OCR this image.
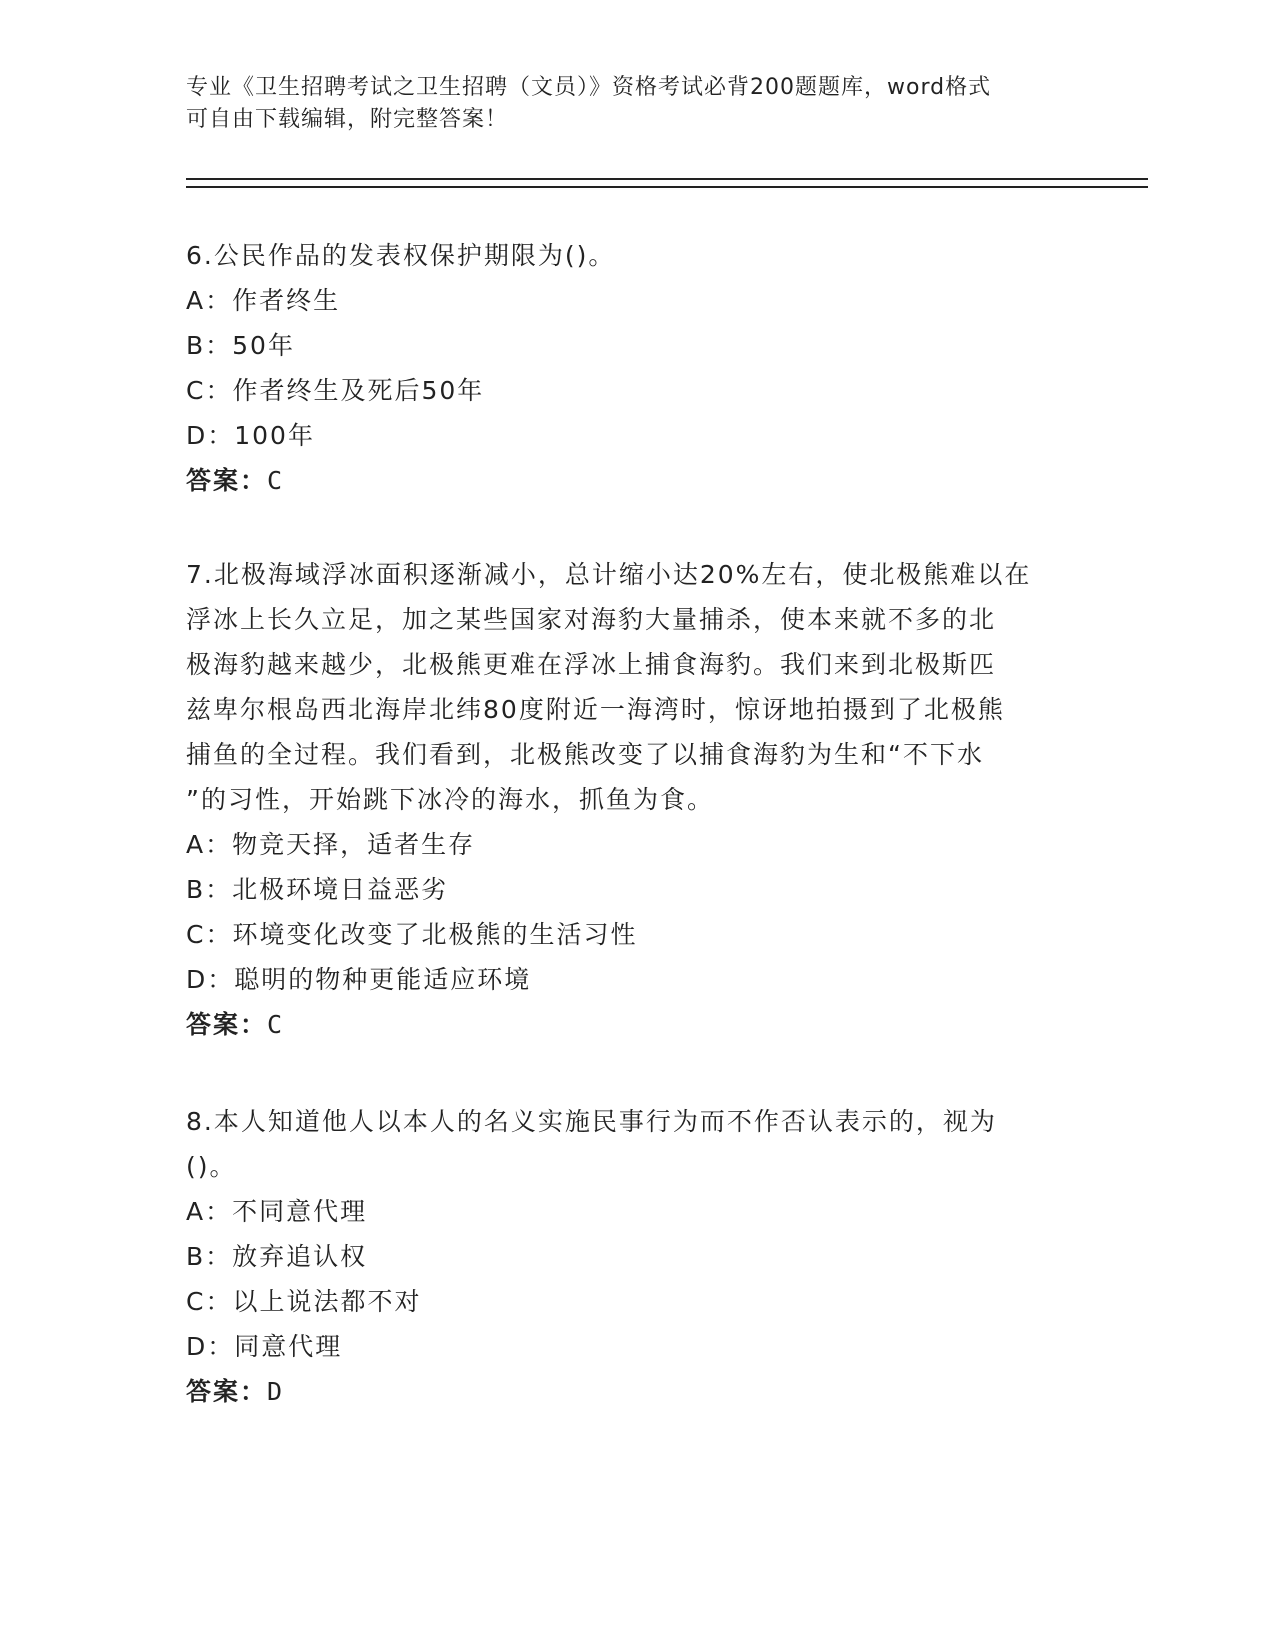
专业《卫生招聘考试之卫生招聘（文员）》资格考试必背200题题库，word格式
可自由下载编辑，附完整答案！
6.公民作品的发表权保护期限为()。
A：作者终生
B：50年
C：作者终生及死后50年
D：100年
答案：C
7.北极海域浮冰面积逐渐减小，总计缩小达20%左右，使北极熊难以在
浮冰上长久立足，加之某些国家对海豹大量捕杀，使本来就不多的北
极海豹越来越少，北极熊更难在浮冰上捕食海豹。我们来到北极斯匹
兹卑尔根岛西北海岸北纬80度附近一海湾时，惊讶地拍摄到了北极熊
捕鱼的全过程。我们看到，北极熊改变了以捕食海豹为生和“不下水
”的习性，开始跳下冰冷的海水，抓鱼为食。
A：物竞天择，适者生存
B：北极环境日益恶劣
C：环境变化改变了北极熊的生活习性
D：聪明的物种更能适应环境
答案：C
8.本人知道他人以本人的名义实施民事行为而不作否认表示的，视为
()。
A：不同意代理
B：放弃追认权
C：以上说法都不对
D：同意代理
答案：D
